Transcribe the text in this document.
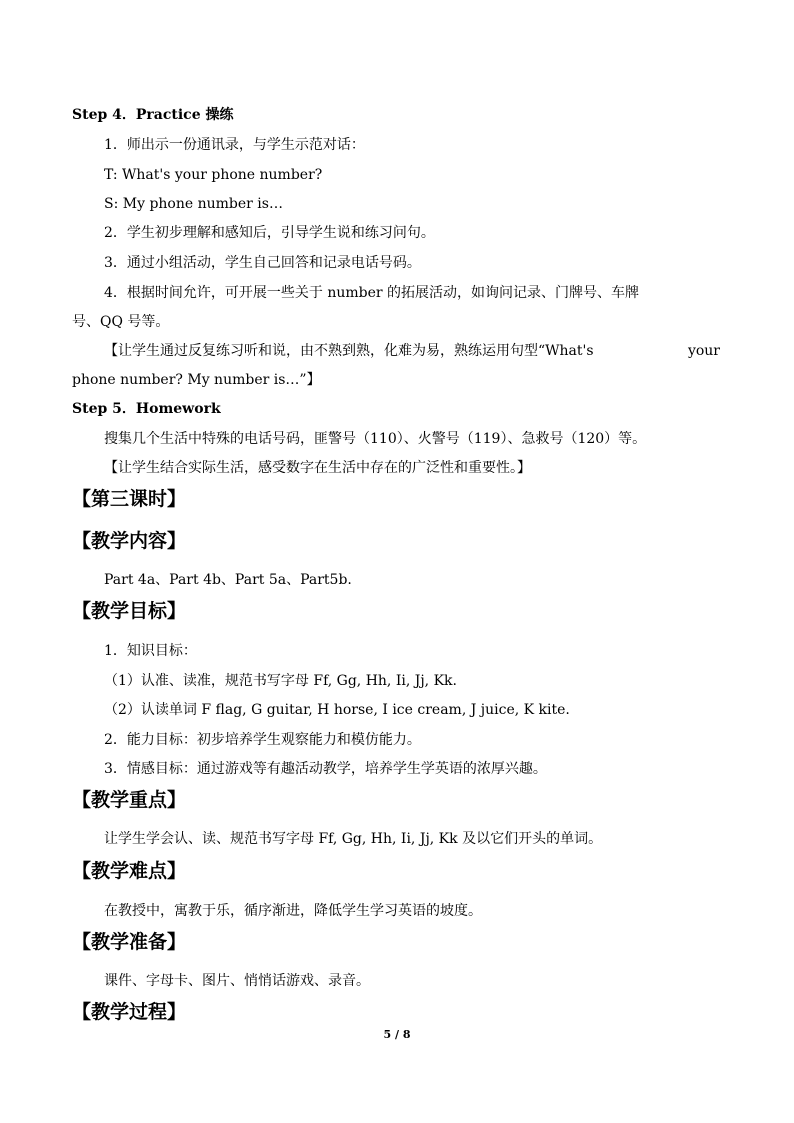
Step 4．Practice 操练
1．师出示一份通讯录，与学生示范对话：
T: What's your phone number?
S: My phone number is…
2．学生初步理解和感知后，引导学生说和练习问句。
3．通过小组活动，学生自己回答和记录电话号码。
4．根据时间允许，可开展一些关于 number 的拓展活动，如询问记录、门牌号、车牌
号、QQ 号等。
【让学生通过反复练习听和说，由不熟到熟，化难为易，熟练运用句型“What's	your
phone number? My number is…”】
Step 5．Homework
搜集几个生活中特殊的电话号码，匪警号（110）、火警号（119）、急救号（120）等。
【让学生结合实际生活，感受数字在生活中存在的广泛性和重要性。】
【第三课时】
【教学内容】
Part 4a、Part 4b、Part 5a、Part5b.
【教学目标】
1．知识目标：
（1）认准、读准，规范书写字母 Ff, Gg, Hh, Ii, Jj, Kk.
（2）认读单词 F flag, G guitar, H horse, I ice cream, J juice, K kite.
2．能力目标：初步培养学生观察能力和模仿能力。
3．情感目标：通过游戏等有趣活动教学，培养学生学英语的浓厚兴趣。
【教学重点】
让学生学会认、读、规范书写字母 Ff, Gg, Hh, Ii, Jj, Kk 及以它们开头的单词。
【教学难点】
在教授中，寓教于乐，循序渐进，降低学生学习英语的坡度。
【教学准备】
课件、字母卡、图片、悄悄话游戏、录音。
【教学过程】
5 / 8
